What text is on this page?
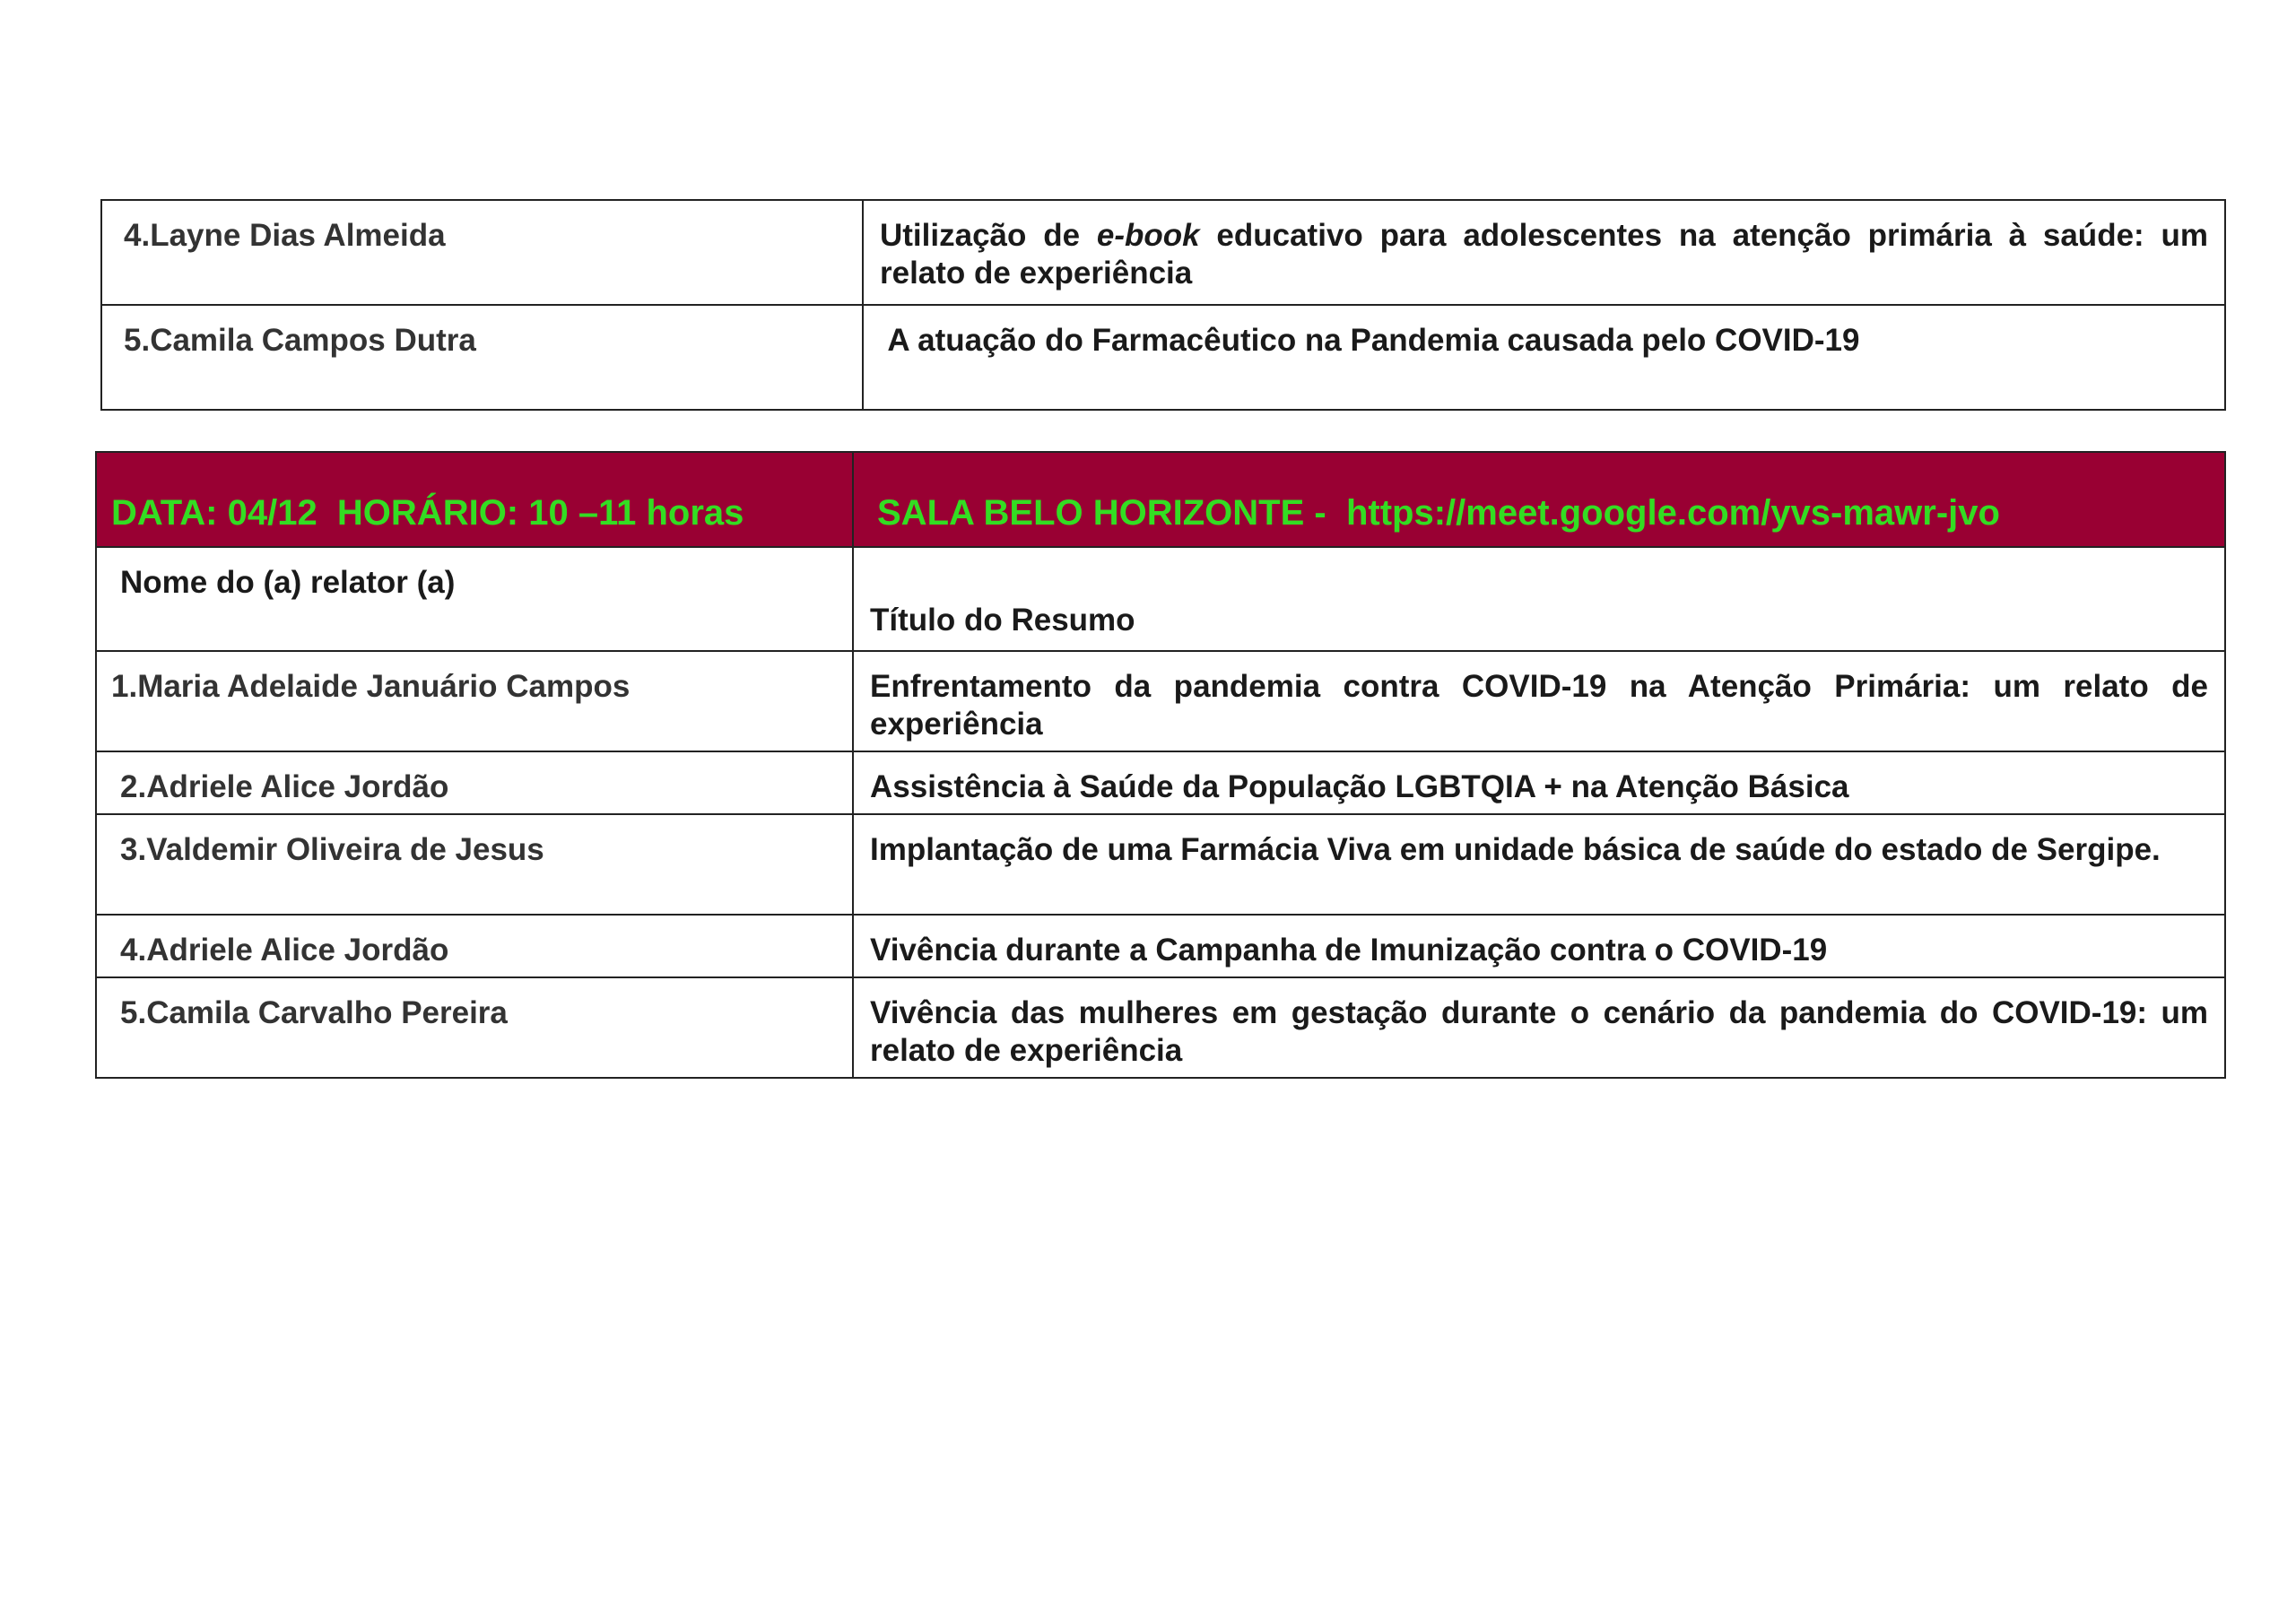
4.Layne Dias Almeida	Utilização de e-book educativo para adolescentes na atenção primária à saúde: um relato de experiência
5.Camila Campos Dutra	A atuação do Farmacêutico na Pandemia causada pelo COVID-19
DATA: 04/12  HORÁRIO: 10 –11 horas	SALA BELO HORIZONTE -  https://meet.google.com/yvs-mawr-jvo
Nome do (a) relator (a)	Título do Resumo
1.Maria Adelaide Januário Campos	Enfrentamento da pandemia contra COVID-19 na Atenção Primária: um relato de experiência
2.Adriele Alice Jordão	Assistência à Saúde da População LGBTQIA + na Atenção Básica
3.Valdemir Oliveira de Jesus	Implantação de uma Farmácia Viva em unidade básica de saúde do estado de Sergipe.
4.Adriele Alice Jordão	Vivência durante a Campanha de Imunização contra o COVID-19
5.Camila Carvalho Pereira	Vivência das mulheres em gestação durante o cenário da pandemia do COVID-19: um relato de experiência
